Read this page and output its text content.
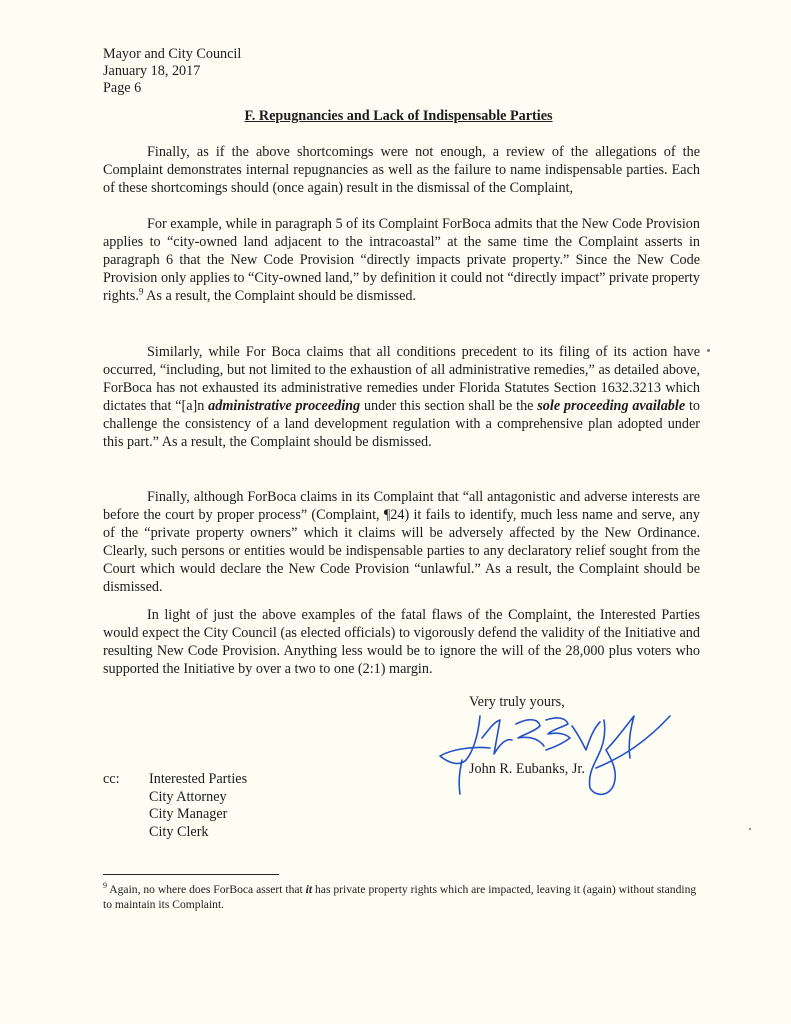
Mayor and City Council
January 18, 2017
Page 6
F. Repugnancies and Lack of Indispensable Parties

Finally, as if the above shortcomings were not enough, a review of the allegations of the Complaint demonstrates internal repugnancies as well as the failure to name indispensable parties. Each of these shortcomings should (once again) result in the dismissal of the Complaint,

For example, while in paragraph 5 of its Complaint ForBoca admits that the New Code Provision applies to “city-owned land adjacent to the intracoastal” at the same time the Complaint asserts in paragraph 6 that the New Code Provision “directly impacts private property.” Since the New Code Provision only applies to “City-owned land,” by definition it could not “directly impact” private property rights.$^9$ As a result, the Complaint should be dismissed.

Similarly, while For Boca claims that all conditions precedent to its filing of its action have occurred, “including, but not limited to the exhaustion of all administrative remedies,” as detailed above, ForBoca has not exhausted its administrative remedies under Florida Statutes Section 1632.3213 which dictates that “[a]n administrative proceeding under this section shall be the sole proceeding available to challenge the consistency of a land development regulation with a comprehensive plan adopted under this part.” As a result, the Complaint should be dismissed.

Finally, although ForBoca claims in its Complaint that “all antagonistic and adverse interests are before the court by proper process” (Complaint, ¶24) it fails to identify, much less name and serve, any of the “private property owners” which it claims will be adversely affected by the New Ordinance. Clearly, such persons or entities would be indispensable parties to any declaratory relief sought from the Court which would declare the New Code Provision “unlawful.” As a result, the Complaint should be dismissed.

In light of just the above examples of the fatal flaws of the Complaint, the Interested Parties would expect the City Council (as elected officials) to vigorously defend the validity of the Initiative and resulting New Code Provision. Anything less would be to ignore the will of the 28,000 plus voters who supported the Initiative by over a two to one (2:1) margin.

Very truly yours,
John R. Eubanks, Jr.
cc: Interested Parties
City Attorney
City Manager
City Clerk

$^9$ Again, no where does ForBoca assert that it has private property rights which are impacted, leaving it (again) without standing to maintain its Complaint.
